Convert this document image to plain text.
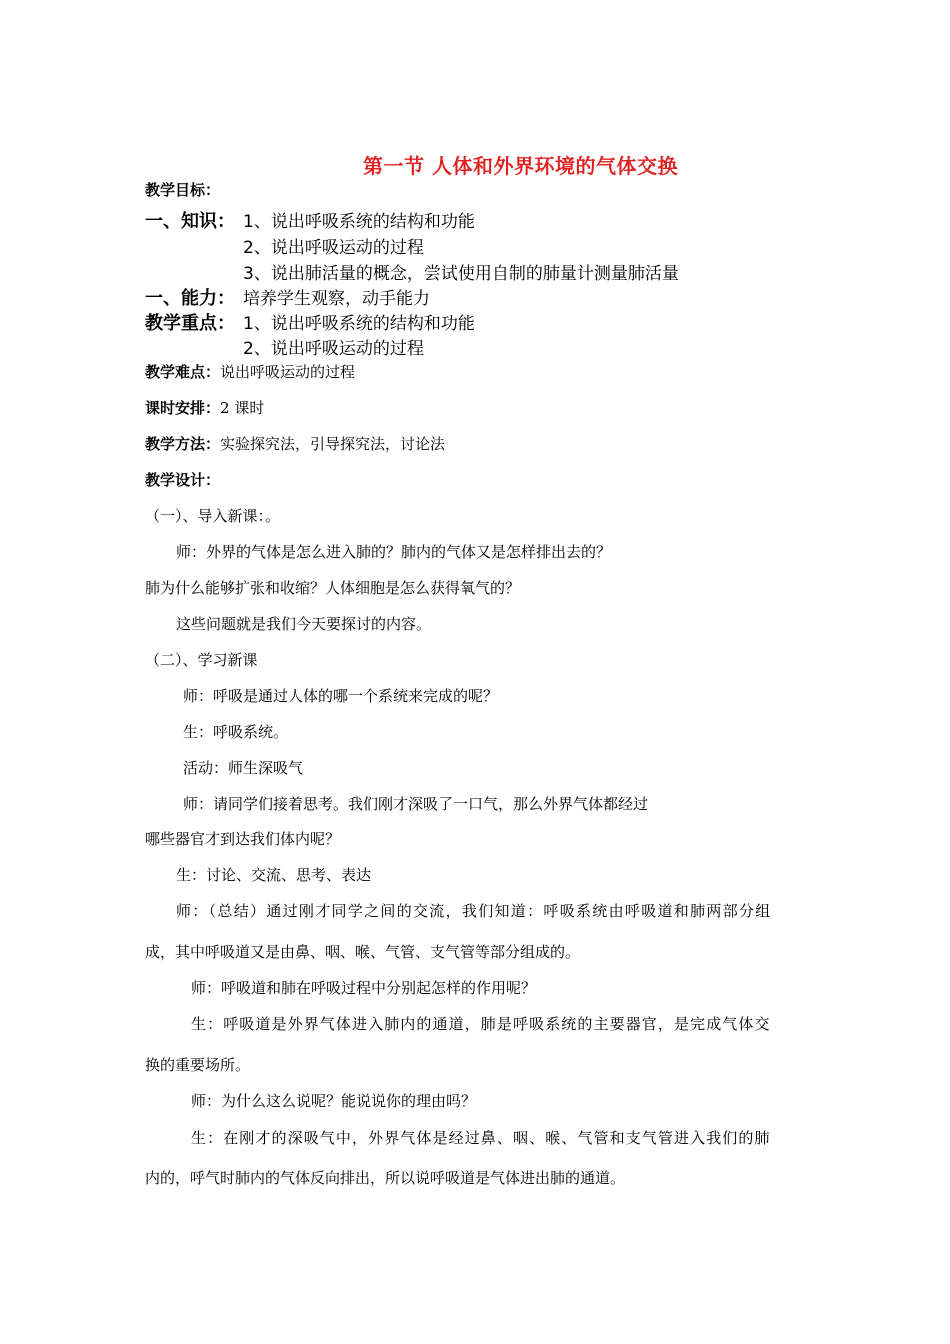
第一节 人体和外界环境的气体交换
教学目标：
一、知识： 1、说出呼吸系统的结构和功能
2、说出呼吸运动的过程
3、说出肺活量的概念，尝试使用自制的肺量计测量肺活量
一、能力： 培养学生观察，动手能力
教学重点： 1、说出呼吸系统的结构和功能
2、说出呼吸运动的过程
教学难点：说出呼吸运动的过程
课时安排：2 课时
教学方法：实验探究法，引导探究法，讨论法
教学设计：
（一）、导入新课：。
师：外界的气体是怎么进入肺的？肺内的气体又是怎样排出去的？
肺为什么能够扩张和收缩？人体细胞是怎么获得氧气的？
这些问题就是我们今天要探讨的内容。
（二）、学习新课
师：呼吸是通过人体的哪一个系统来完成的呢？
生：呼吸系统。
活动：师生深吸气
师：请同学们接着思考。我们刚才深吸了一口气，那么外界气体都经过
哪些器官才到达我们体内呢？
生：讨论、交流、思考、表达
师：（总结）通过刚才同学之间的交流，我们知道：呼吸系统由呼吸道和肺两部分组
成，其中呼吸道又是由鼻、咽、喉、气管、支气管等部分组成的。
师：呼吸道和肺在呼吸过程中分别起怎样的作用呢？
生：呼吸道是外界气体进入肺内的通道，肺是呼吸系统的主要器官，是完成气体交
换的重要场所。
师：为什么这么说呢？能说说你的理由吗？
生：在刚才的深吸气中，外界气体是经过鼻、咽、喉、气管和支气管进入我们的肺
内的，呼气时肺内的气体反向排出，所以说呼吸道是气体进出肺的通道。
